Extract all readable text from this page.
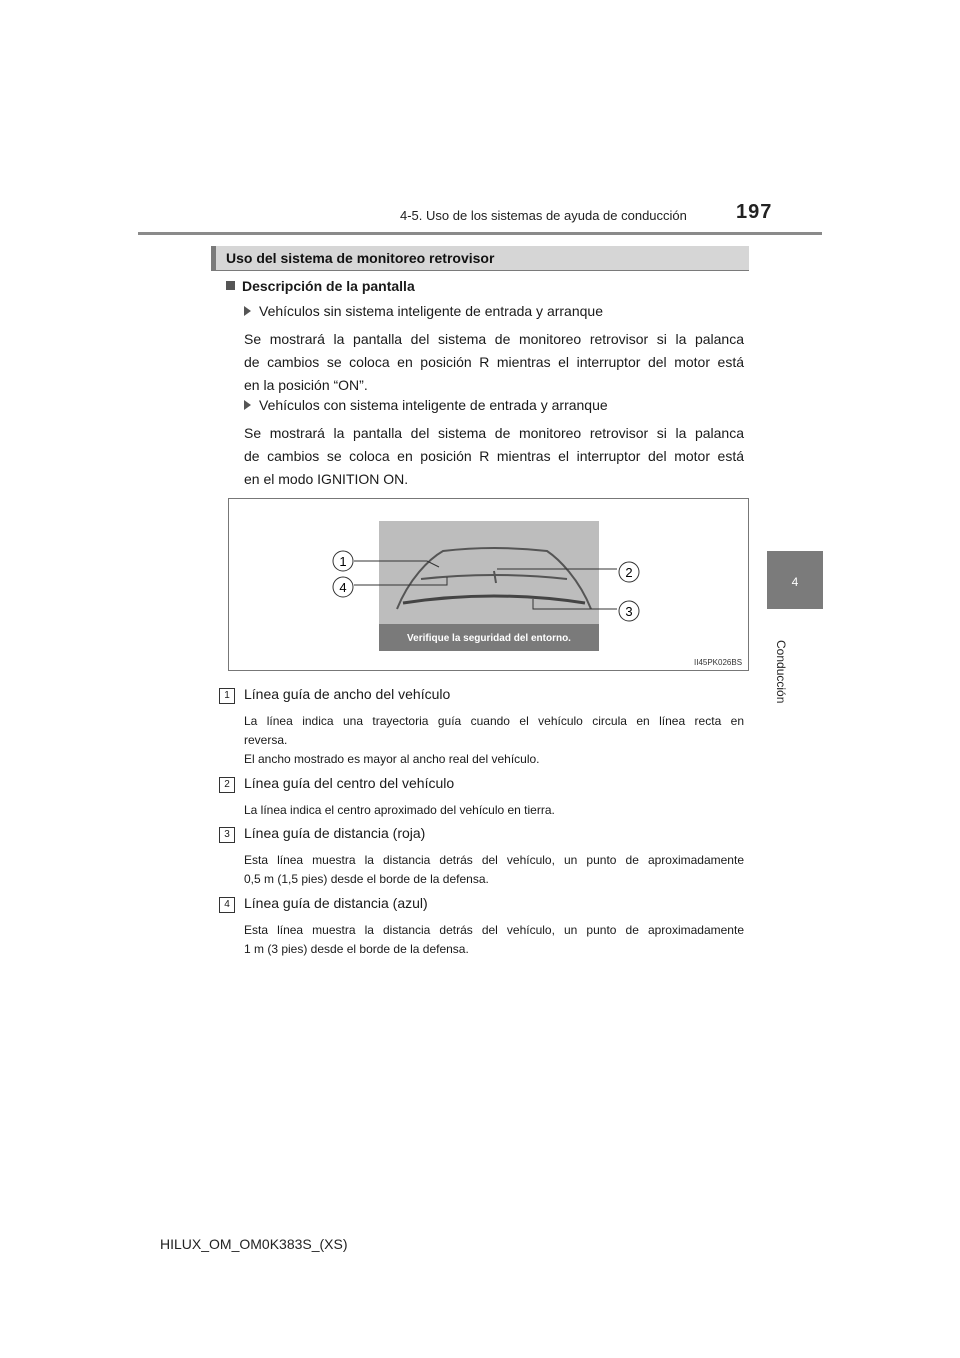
4-5. Uso de los sistemas de ayuda de conducción 197
4
Conducción
Uso del sistema de monitoreo retrovisor
Descripción de la pantalla
Vehículos sin sistema inteligente de entrada y arranque
Se mostrará la pantalla del sistema de monitoreo retrovisor si la palanca
de cambios se coloca en posición R mientras el interruptor del motor está
en la posición “ON”.
Vehículos con sistema inteligente de entrada y arranque
Se mostrará la pantalla del sistema de monitoreo retrovisor si la palanca
de cambios se coloca en posición R mientras el interruptor del motor está
en el modo IGNITION ON.
Verifique la seguridad del entorno.
1
4
2
3
II45PK026BS
1	Línea guía de ancho del vehículo
La línea indica una trayectoria guía cuando el vehículo circula en línea recta en
reversa.
El ancho mostrado es mayor al ancho real del vehículo.
2	Línea guía del centro del vehículo
La línea indica el centro aproximado del vehículo en tierra.
3	Línea guía de distancia (roja)
Esta línea muestra la distancia detrás del vehículo, un punto de aproximadamente
0,5 m (1,5 pies) desde el borde de la defensa.
4	Línea guía de distancia (azul)
Esta línea muestra la distancia detrás del vehículo, un punto de aproximadamente
1 m (3 pies) desde el borde de la defensa.
HILUX_OM_OM0K383S_(XS)
